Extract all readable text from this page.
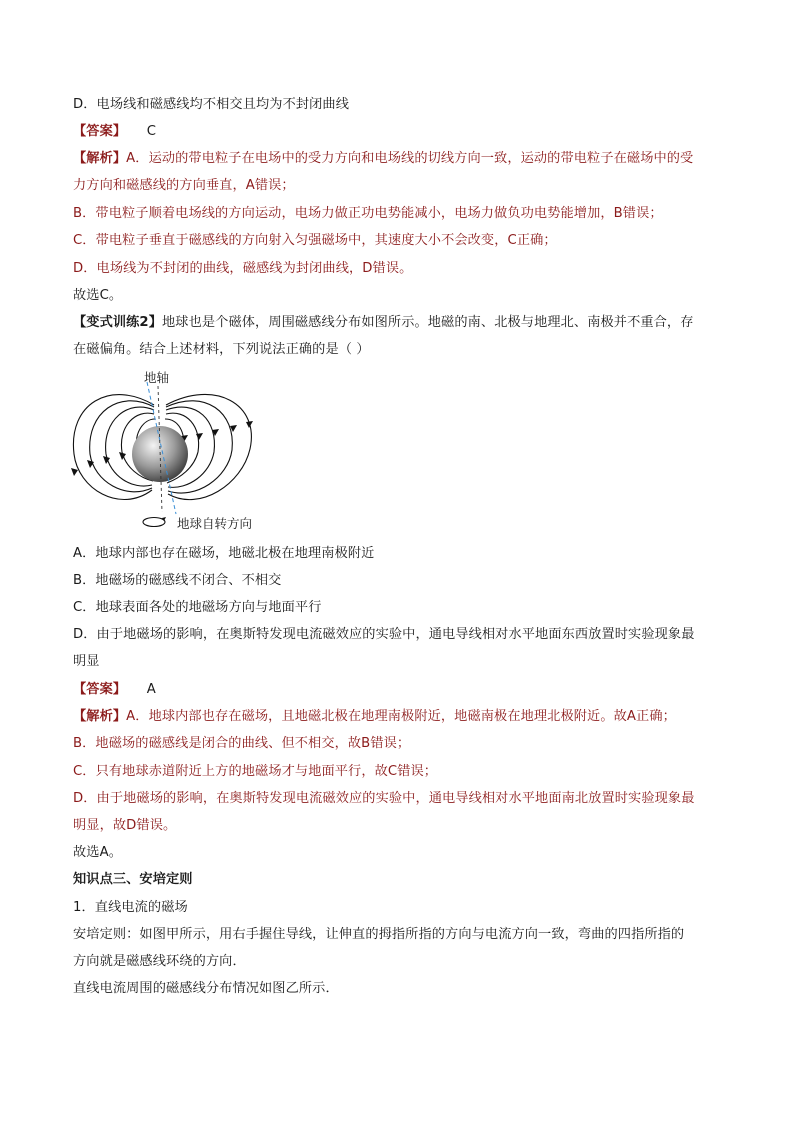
D．电场线和磁感线均不相交且均为不封闭曲线
【答案】 C
【解析】A．运动的带电粒子在电场中的受力方向和电场线的切线方向一致，运动的带电粒子在磁场中的受
力方向和磁感线的方向垂直，A错误；
B．带电粒子顺着电场线的方向运动，电场力做正功电势能减小，电场力做负功电势能增加，B错误；
C．带电粒子垂直于磁感线的方向射入匀强磁场中，其速度大小不会改变，C正确；
D．电场线为不封闭的曲线，磁感线为封闭曲线，D错误。
故选C。
【变式训练2】地球也是个磁体，周围磁感线分布如图所示。地磁的南、北极与地理北、南极并不重合，存
在磁偏角。结合上述材料，下列说法正确的是（ ）
地轴
地球自转方向
A．地球内部也存在磁场，地磁北极在地理南极附近
B．地磁场的磁感线不闭合、不相交
C．地球表面各处的地磁场方向与地面平行
D．由于地磁场的影响，在奥斯特发现电流磁效应的实验中，通电导线相对水平地面东西放置时实验现象最
明显
【答案】 A
【解析】A．地球内部也存在磁场，且地磁北极在地理南极附近，地磁南极在地理北极附近。故A正确；
B．地磁场的磁感线是闭合的曲线、但不相交，故B错误；
C．只有地球赤道附近上方的地磁场才与地面平行，故C错误；
D．由于地磁场的影响，在奥斯特发现电流磁效应的实验中，通电导线相对水平地面南北放置时实验现象最
明显，故D错误。
故选A。
知识点三、安培定则
1．直线电流的磁场
安培定则：如图甲所示，用右手握住导线，让伸直的拇指所指的方向与电流方向一致，弯曲的四指所指的
方向就是磁感线环绕的方向．
直线电流周围的磁感线分布情况如图乙所示．
